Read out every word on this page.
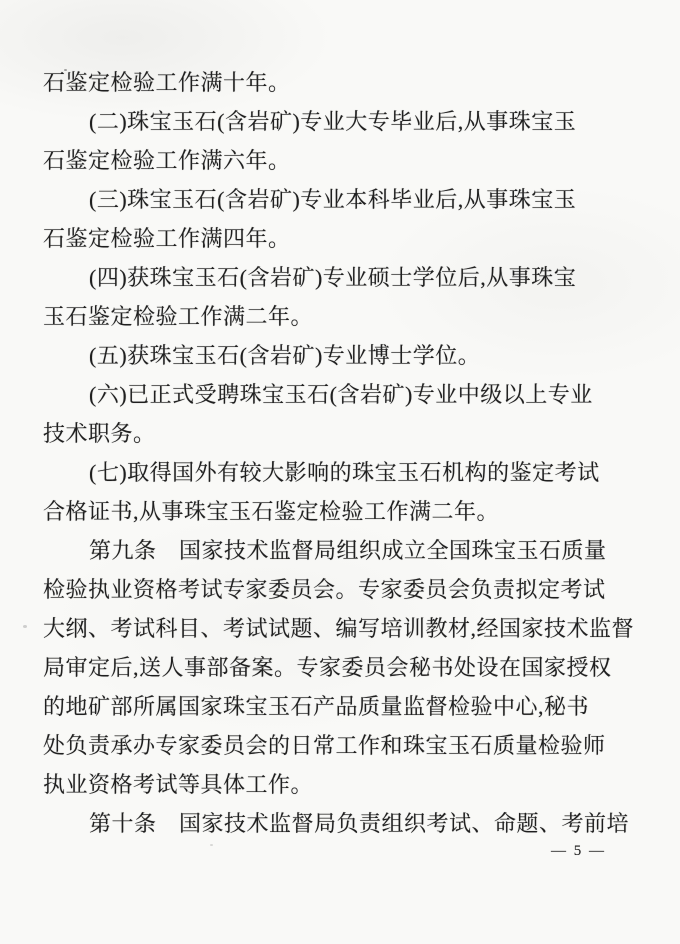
石鉴定检验工作满十年。
(二)珠宝玉石(含岩矿)专业大专毕业后,从事珠宝玉
石鉴定检验工作满六年。
(三)珠宝玉石(含岩矿)专业本科毕业后,从事珠宝玉
石鉴定检验工作满四年。
(四)获珠宝玉石(含岩矿)专业硕士学位后,从事珠宝
玉石鉴定检验工作满二年。
(五)获珠宝玉石(含岩矿)专业博士学位。
(六)已正式受聘珠宝玉石(含岩矿)专业中级以上专业
技术职务。
(七)取得国外有较大影响的珠宝玉石机构的鉴定考试
合格证书,从事珠宝玉石鉴定检验工作满二年。
第九条　国家技术监督局组织成立全国珠宝玉石质量
检验执业资格考试专家委员会。专家委员会负责拟定考试
大纲、考试科目、考试试题、编写培训教材,经国家技术监督
局审定后,送人事部备案。专家委员会秘书处设在国家授权
的地矿部所属国家珠宝玉石产品质量监督检验中心,秘书
处负责承办专家委员会的日常工作和珠宝玉石质量检验师
执业资格考试等具体工作。
第十条　国家技术监督局负责组织考试、命题、考前培
— 5 —
